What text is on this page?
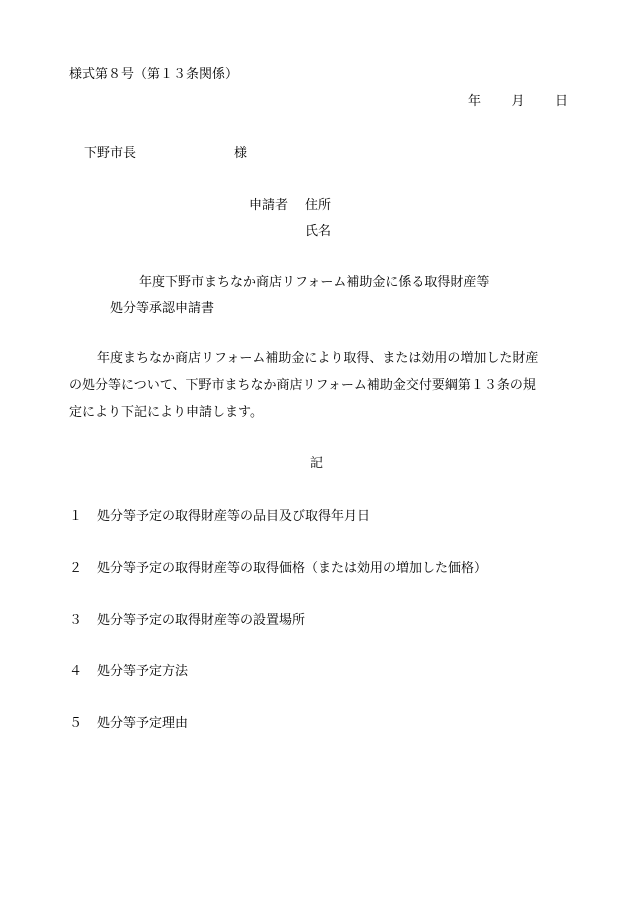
様式第８号（第１３条関係）
年 月 日
下野市長	様
申請者 住所
氏名
年度下野市まちなか商店リフォーム補助金に係る取得財産等
処分等承認申請書
年度まちなか商店リフォーム補助金により取得、または効用の増加した財産
の処分等について、下野市まちなか商店リフォーム補助金交付要綱第１３条の規
定により下記により申請します。
記
１	処分等予定の取得財産等の品目及び取得年月日
２	処分等予定の取得財産等の取得価格（または効用の増加した価格）
３	処分等予定の取得財産等の設置場所
４	処分等予定方法
５	処分等予定理由
